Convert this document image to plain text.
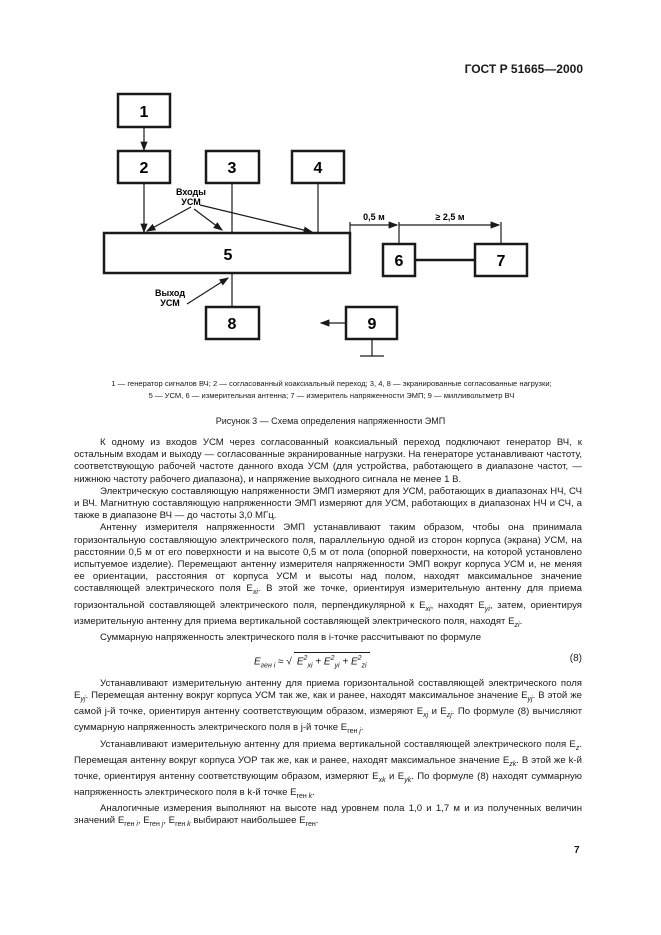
ГОСТ Р 51665—2000
1
2	3	4
5	6	7
8	9
Входы
УСМ
Выход
УСМ
0,5 м	≥ 2,5 м
1 — генератор сигналов ВЧ; 2 — согласованный коаксиальный переход; 3, 4, 8 — экранированные согласованные нагрузки;
5 — УСМ, 6 — измерительная антенна; 7 — измеритель напряженности ЭМП; 9 — милливольтметр ВЧ
Рисунок 3 — Схема определения напряженности ЭМП

К одному из входов УСМ через согласованный коаксиальный переход подключают генератор ВЧ, к остальным входам и выходу — согласованные экранированные нагрузки. На генераторе устанавливают частоту, соответствующую рабочей частоте данного входа УСМ (для устройства, работающего в диапазоне частот, — нижнюю частоту рабочего диапазона), и напряжение выходного сигнала не менее 1 В.

Электрическую составляющую напряженности ЭМП измеряют для УСМ, работающих в диапазонах НЧ, СЧ и ВЧ. Магнитную составляющую напряженности ЭМП измеряют для УСМ, работающих в диапазонах НЧ и СЧ, а также в диапазоне ВЧ — до частоты 3,0 МГц.

Антенну измерителя напряженности ЭМП устанавливают таким образом, чтобы она принимала горизонтальную составляющую электрического поля, параллельную одной из сторон корпуса (экрана) УСМ, на расстоянии 0,5 м от его поверхности и на высоте 0,5 м от пола (опорной поверхности, на которой установлено испытуемое изделие). Перемещают антенну измерителя напряженности ЭМП вокруг корпуса УСМ и, не меняя ее ориентации, расстояния от корпуса УСМ и высоты над полом, находят максимальное значение составляющей электрического поля $E_{xi}$. В этой же точке, ориентируя измерительную антенну для приема горизонтальной составляющей электрического поля, перпендикулярной к $E_{xi}$, находят $E_{yi}$, затем, ориентируя измерительную антенну для приема вертикальной составляющей электрического поля, находят $E_{zi}$.

Суммарную напряженность электрического поля в i-точке рассчитывают по формуле

$E_{ген i}$ ≈ √ $E^2_{xi} + E^2_{yi} + E^2_{zi}$
(8)

Устанавливают измерительную антенну для приема горизонтальной составляющей электрического поля $E_{yj}$. Перемещая антенну вокруг корпуса УСМ так же, как и ранее, находят максимальное значение $E_{yj}$. В этой же самой j-й точке, ориентируя антенну соответствующим образом, измеряют $E_{xj}$ и $E_{zj}$. По формуле (8) вычисляют суммарную напряженность электрического поля в j-й точке $E_{ген j}$.

Устанавливают измерительную антенну для приема вертикальной составляющей электрического поля $E_z$. Перемещая антенну вокруг корпуса УОР так же, как и ранее, находят максимальное значение $E_{zk}$. В этой же k-й точке, ориентируя антенну соответствующим образом, измеряют $E_{xk}$ и $E_{yk}$. По формуле (8) находят суммарную напряженность электрического поля в k-й точке $E_{ген k}$.

Аналогичные измерения выполняют на высоте над уровнем пола 1,0 и 1,7 м и из полученных величин значений $E_{ген i}$, $E_{ген j}$, $E_{ген k}$ выбирают наибольшее $E_{ген}$.

7
